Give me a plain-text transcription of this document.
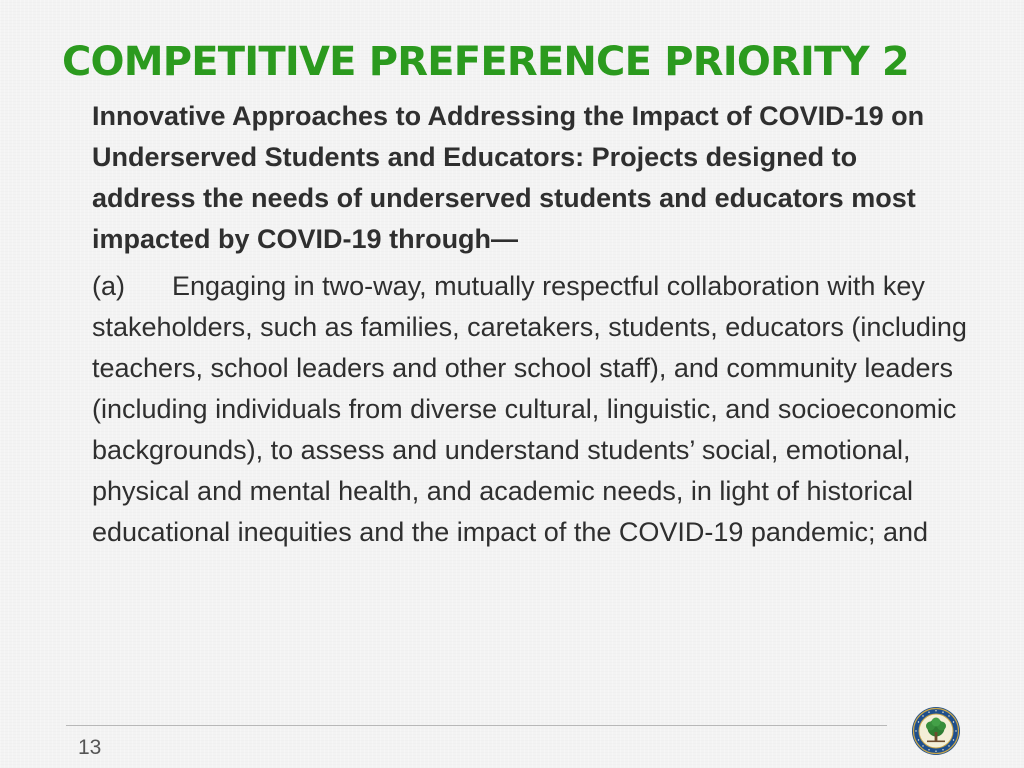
COMPETITIVE PREFERENCE PRIORITY 2

Innovative Approaches to Addressing the Impact of COVID-19 on Underserved Students and Educators: Projects designed to address the needs of underserved students and educators most impacted by COVID-19 through—

(a) Engaging in two-way, mutually respectful collaboration with key stakeholders, such as families, caretakers, students, educators (including teachers, school leaders and other school staff), and community leaders (including individuals from diverse cultural, linguistic, and socioeconomic backgrounds), to assess and understand students’ social, emotional, physical and mental health, and academic needs, in light of historical educational inequities and the impact of the COVID-19 pandemic; and

13
